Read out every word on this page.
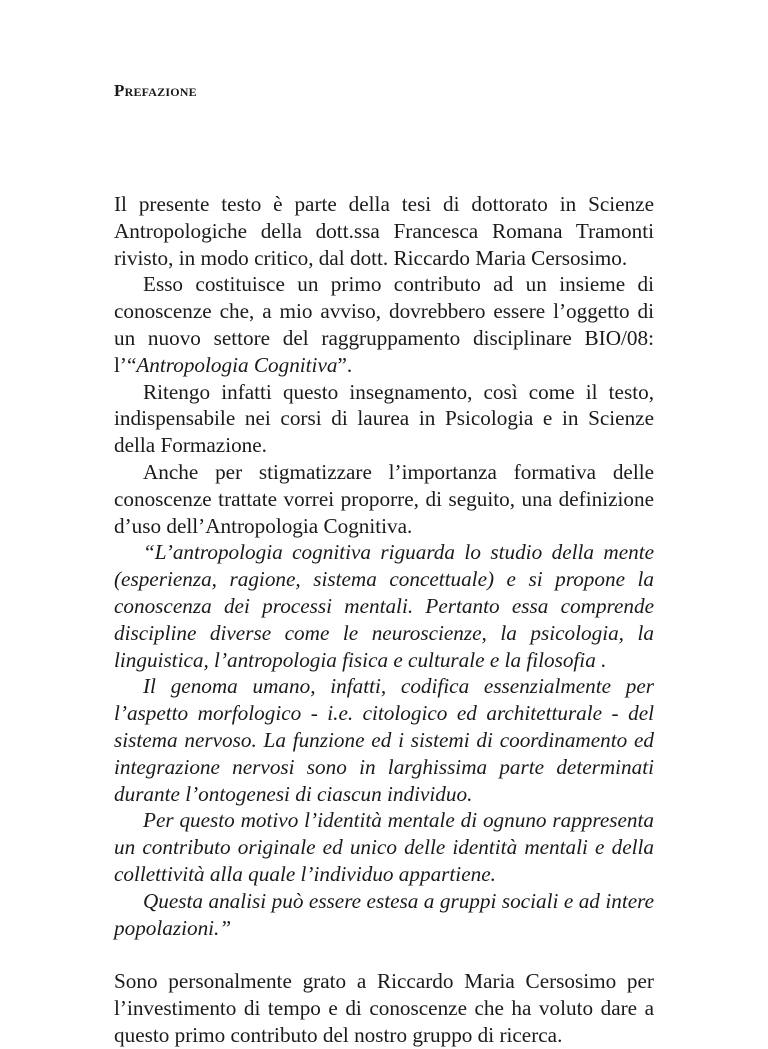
Prefazione

Il presente testo è parte della tesi di dottorato in Scienze Antropologiche della dott.ssa Francesca Romana Tramonti rivisto, in modo critico, dal dott. Riccardo Maria Cersosimo.

Esso costituisce un primo contributo ad un insieme di conoscenze che, a mio avviso, dovrebbero essere l’oggetto di un nuovo settore del raggruppamento disciplinare BIO/08: l’“Antropologia Cognitiva”.

Ritengo infatti questo insegnamento, così come il testo, indispensabile nei corsi di laurea in Psicologia e in Scienze della Formazione.

Anche per stigmatizzare l’importanza formativa delle conoscenze trattate vorrei proporre, di seguito, una definizione d’uso dell’Antropologia Cognitiva.

“L’antropologia cognitiva riguarda lo studio della mente (esperienza, ragione, sistema concettuale) e si propone la conoscenza dei processi mentali. Pertanto essa comprende discipline diverse come le neuroscienze, la psicologia, la linguistica, l’antropologia fisica e culturale e la filosofia .

Il genoma umano, infatti, codifica essenzialmente per l’aspetto morfologico - i.e. citologico ed architetturale - del sistema nervoso. La funzione ed i sistemi di coordinamento ed integrazione nervosi sono in larghissima parte determinati durante l’ontogenesi di ciascun individuo.

Per questo motivo l’identità mentale di ognuno rappresenta un contributo originale ed unico delle identità mentali e della collettività alla quale l’individuo appartiene.

Questa analisi può essere estesa a gruppi sociali e ad intere popolazioni.”

Sono personalmente grato a Riccardo Maria Cersosimo per l’investimento di tempo e di conoscenze che ha voluto dare a questo primo contributo del nostro gruppo di ricerca.
